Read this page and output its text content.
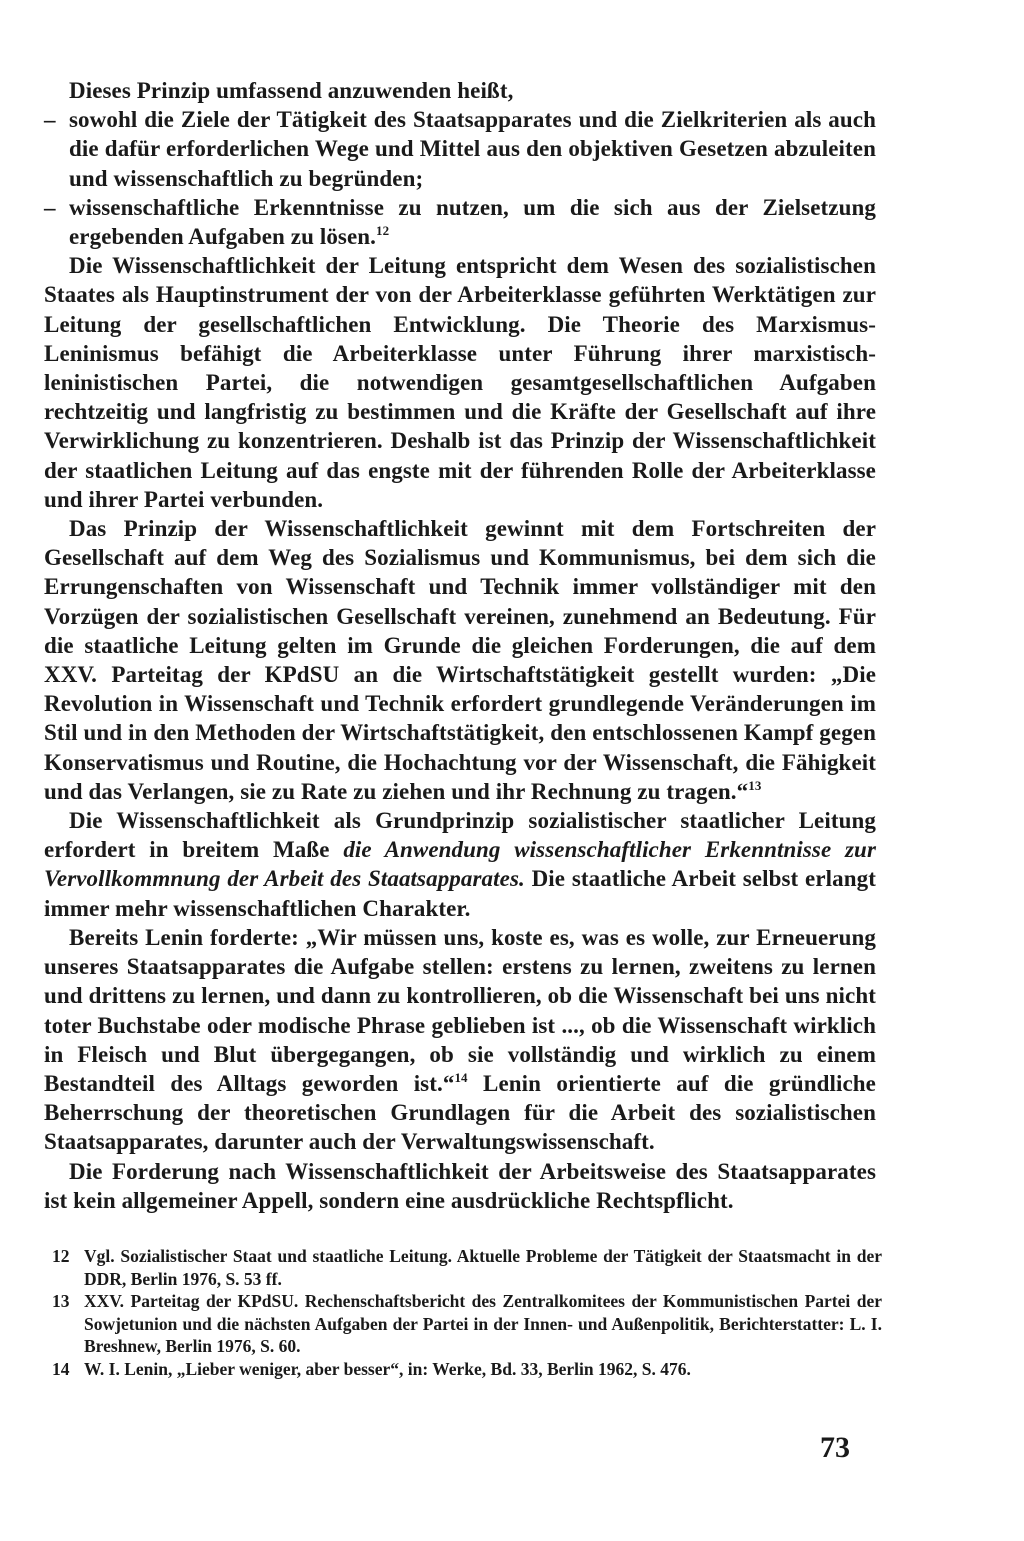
Dieses Prinzip umfassend anzuwenden heißt,

– sowohl die Ziele der Tätigkeit des Staatsapparates und die Zielkriterien als auch die dafür erforderlichen Wege und Mittel aus den objektiven Gesetzen abzuleiten und wissenschaftlich zu begründen;
– wissenschaftliche Erkenntnisse zu nutzen, um die sich aus der Zielsetzung ergebenden Aufgaben zu lösen.$^{12}$

Die Wissenschaftlichkeit der Leitung entspricht dem Wesen des sozialistischen Staates als Hauptinstrument der von der Arbeiterklasse geführten Werktätigen zur Leitung der gesellschaftlichen Entwicklung. Die Theorie des Marxismus-Leninismus befähigt die Arbeiterklasse unter Führung ihrer marxistisch-leninistischen Partei, die notwendigen gesamtgesellschaftlichen Aufgaben rechtzeitig und langfristig zu bestimmen und die Kräfte der Gesellschaft auf ihre Verwirklichung zu konzentrieren. Deshalb ist das Prinzip der Wissenschaftlichkeit der staatlichen Leitung auf das engste mit der führenden Rolle der Arbeiterklasse und ihrer Partei verbunden.

Das Prinzip der Wissenschaftlichkeit gewinnt mit dem Fortschreiten der Gesellschaft auf dem Weg des Sozialismus und Kommunismus, bei dem sich die Errungenschaften von Wissenschaft und Technik immer vollständiger mit den Vorzügen der sozialistischen Gesellschaft vereinen, zunehmend an Bedeutung. Für die staatliche Leitung gelten im Grunde die gleichen Forderungen, die auf dem XXV. Parteitag der KPdSU an die Wirtschaftstätigkeit gestellt wurden: „Die Revolution in Wissenschaft und Technik erfordert grundlegende Veränderungen im Stil und in den Methoden der Wirtschaftstätigkeit, den entschlossenen Kampf gegen Konservatismus und Routine, die Hochachtung vor der Wissenschaft, die Fähigkeit und das Verlangen, sie zu Rate zu ziehen und ihr Rechnung zu tragen.“$^{13}$

Die Wissenschaftlichkeit als Grundprinzip sozialistischer staatlicher Leitung erfordert in breitem Maße die Anwendung wissenschaftlicher Erkenntnisse zur Vervollkommnung der Arbeit des Staatsapparates. Die staatliche Arbeit selbst erlangt immer mehr wissenschaftlichen Charakter.

Bereits Lenin forderte: „Wir müssen uns, koste es, was es wolle, zur Erneuerung unseres Staatsapparates die Aufgabe stellen: erstens zu lernen, zweitens zu lernen und drittens zu lernen, und dann zu kontrollieren, ob die Wissenschaft bei uns nicht toter Buchstabe oder modische Phrase geblieben ist ..., ob die Wissenschaft wirklich in Fleisch und Blut übergegangen, ob sie vollständig und wirklich zu einem Bestandteil des Alltags geworden ist.“$^{14}$ Lenin orientierte auf die gründliche Beherrschung der theoretischen Grundlagen für die Arbeit des sozialistischen Staatsapparates, darunter auch der Verwaltungswissenschaft.

Die Forderung nach Wissenschaftlichkeit der Arbeitsweise des Staatsapparates ist kein allgemeiner Appell, sondern eine ausdrückliche Rechtspflicht.

12 Vgl. Sozialistischer Staat und staatliche Leitung. Aktuelle Probleme der Tätigkeit der Staatsmacht in der DDR, Berlin 1976, S. 53 ff.
13 XXV. Parteitag der KPdSU. Rechenschaftsbericht des Zentralkomitees der Kommunistischen Partei der Sowjetunion und die nächsten Aufgaben der Partei in der Innen- und Außenpolitik, Berichterstatter: L. I. Breshnew, Berlin 1976, S. 60.
14 W. I. Lenin, „Lieber weniger, aber besser“, in: Werke, Bd. 33, Berlin 1962, S. 476.
73
